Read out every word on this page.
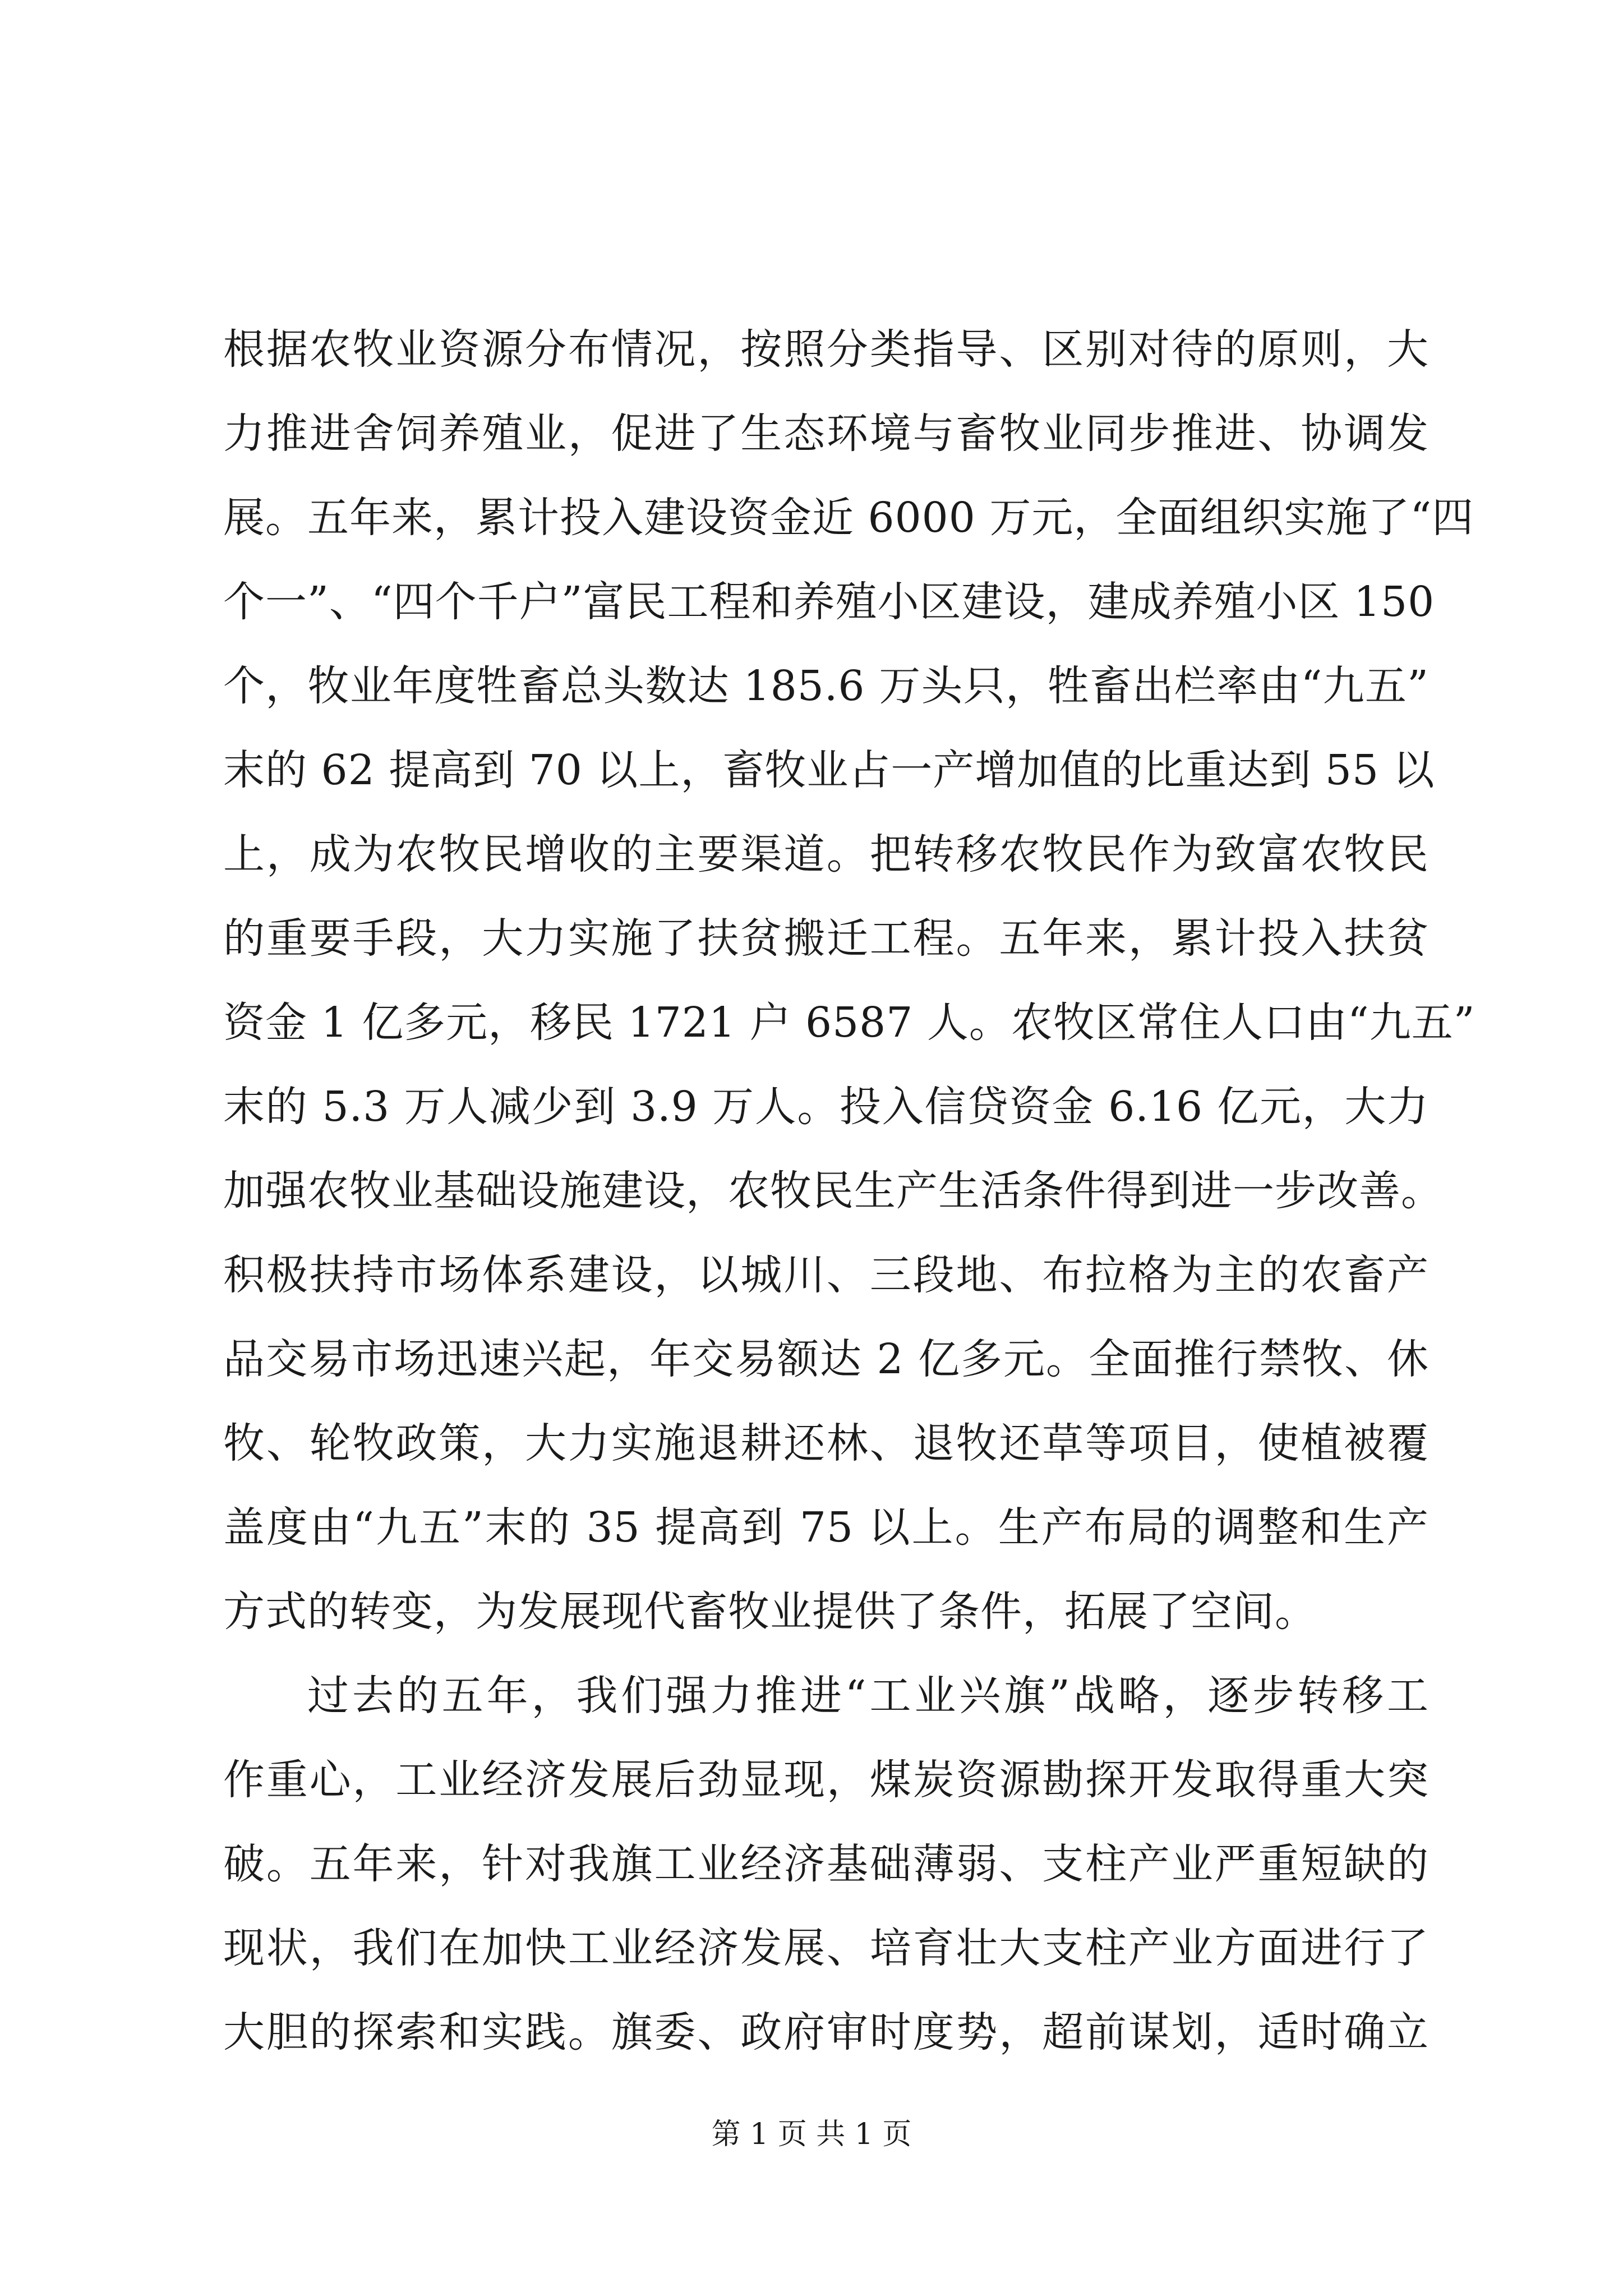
根据农牧业资源分布情况，按照分类指导、区别对待的原则，大
力推进舍饲养殖业，促进了生态环境与畜牧业同步推进、协调发
展。五年来，累计投入建设资金近 6000 万元，全面组织实施了“四
个一”、“四个千户”富民工程和养殖小区建设，建成养殖小区 150
个，牧业年度牲畜总头数达 185.6 万头只，牲畜出栏率由“九五”
末的 62 提高到 70 以上，畜牧业占一产增加值的比重达到 55 以
上，成为农牧民增收的主要渠道。把转移农牧民作为致富农牧民
的重要手段，大力实施了扶贫搬迁工程。五年来，累计投入扶贫
资金 1 亿多元，移民 1721 户 6587 人。农牧区常住人口由“九五”
末的 5.3 万人减少到 3.9 万人。投入信贷资金 6.16 亿元，大力
加强农牧业基础设施建设，农牧民生产生活条件得到进一步改善。
积极扶持市场体系建设，以城川、三段地、布拉格为主的农畜产
品交易市场迅速兴起，年交易额达 2 亿多元。全面推行禁牧、休
牧、轮牧政策，大力实施退耕还林、退牧还草等项目，使植被覆
盖度由“九五”末的 35 提高到 75 以上。生产布局的调整和生产
方式的转变，为发展现代畜牧业提供了条件，拓展了空间。
过去的五年，我们强力推进“工业兴旗”战略，逐步转移工
作重心，工业经济发展后劲显现，煤炭资源勘探开发取得重大突
破。五年来，针对我旗工业经济基础薄弱、支柱产业严重短缺的
现状，我们在加快工业经济发展、培育壮大支柱产业方面进行了
大胆的探索和实践。旗委、政府审时度势，超前谋划，适时确立
第 1 页 共 1 页
